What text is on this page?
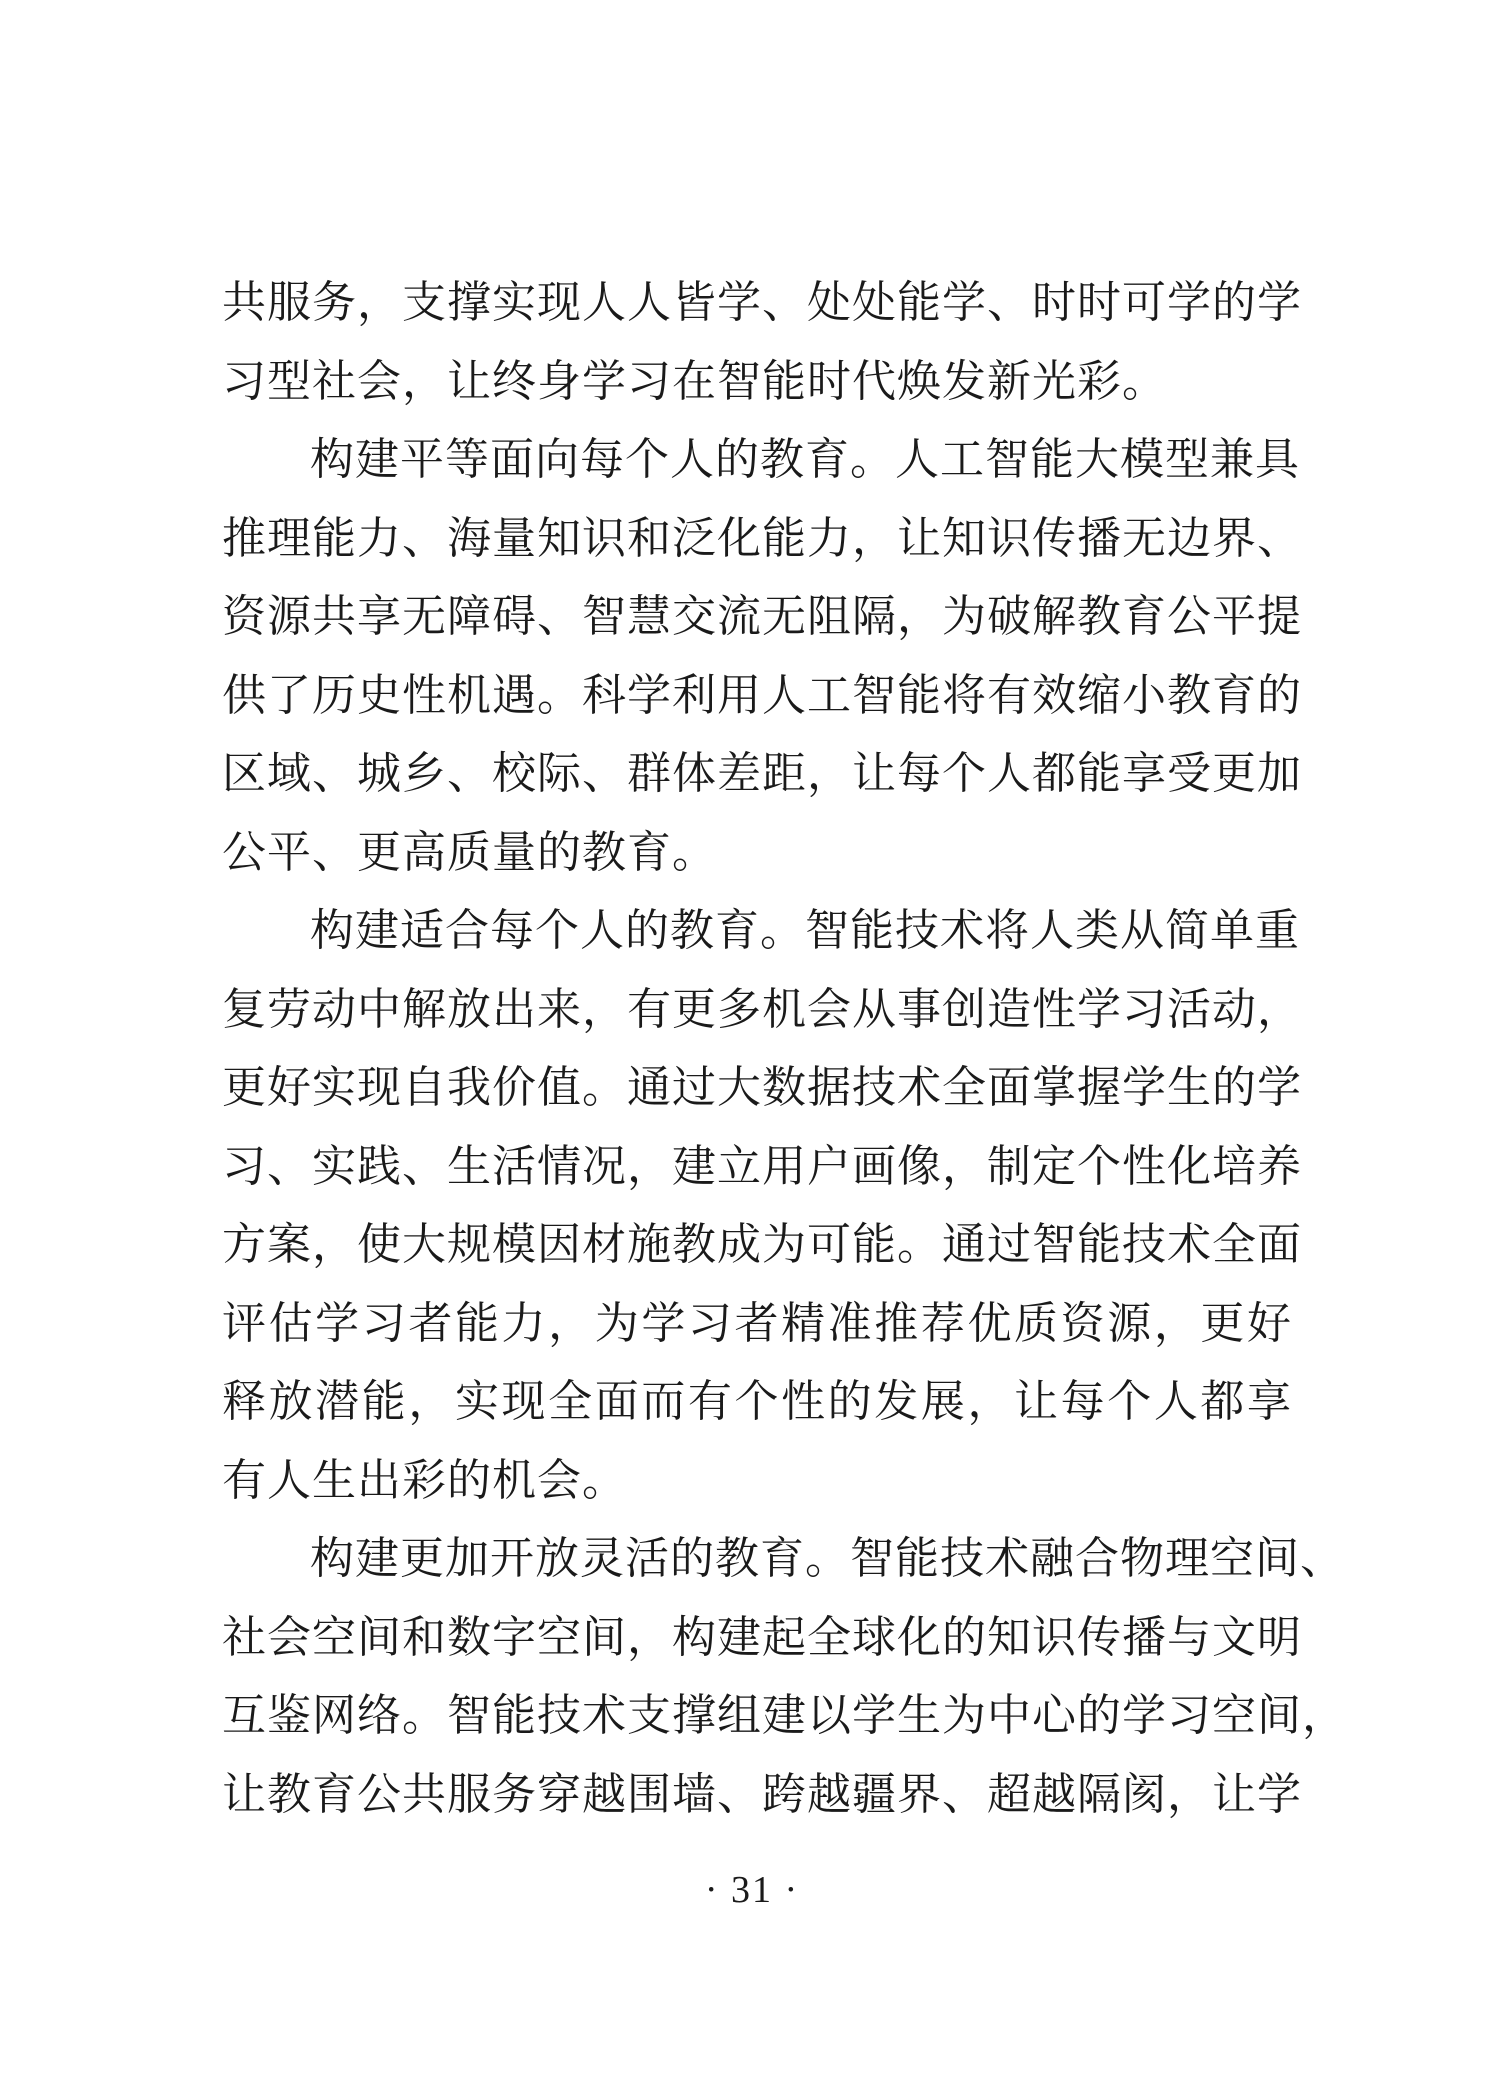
共服务，支撑实现人人皆学、处处能学、时时可学的学
习型社会，让终身学习在智能时代焕发新光彩。
构建平等面向每个人的教育。人工智能大模型兼具
推理能力、海量知识和泛化能力，让知识传播无边界、
资源共享无障碍、智慧交流无阻隔，为破解教育公平提
供了历史性机遇。科学利用人工智能将有效缩小教育的
区域、城乡、校际、群体差距，让每个人都能享受更加
公平、更高质量的教育。
构建适合每个人的教育。智能技术将人类从简单重
复劳动中解放出来，有更多机会从事创造性学习活动，
更好实现自我价值。通过大数据技术全面掌握学生的学
习、实践、生活情况，建立用户画像，制定个性化培养
方案，使大规模因材施教成为可能。通过智能技术全面
评估学习者能力，为学习者精准推荐优质资源，更好
释放潜能，实现全面而有个性的发展，让每个人都享
有人生出彩的机会。
构建更加开放灵活的教育。智能技术融合物理空间、
社会空间和数字空间，构建起全球化的知识传播与文明
互鉴网络。智能技术支撑组建以学生为中心的学习空间，
让教育公共服务穿越围墙、跨越疆界、超越隔阂，让学
· 31 ·
